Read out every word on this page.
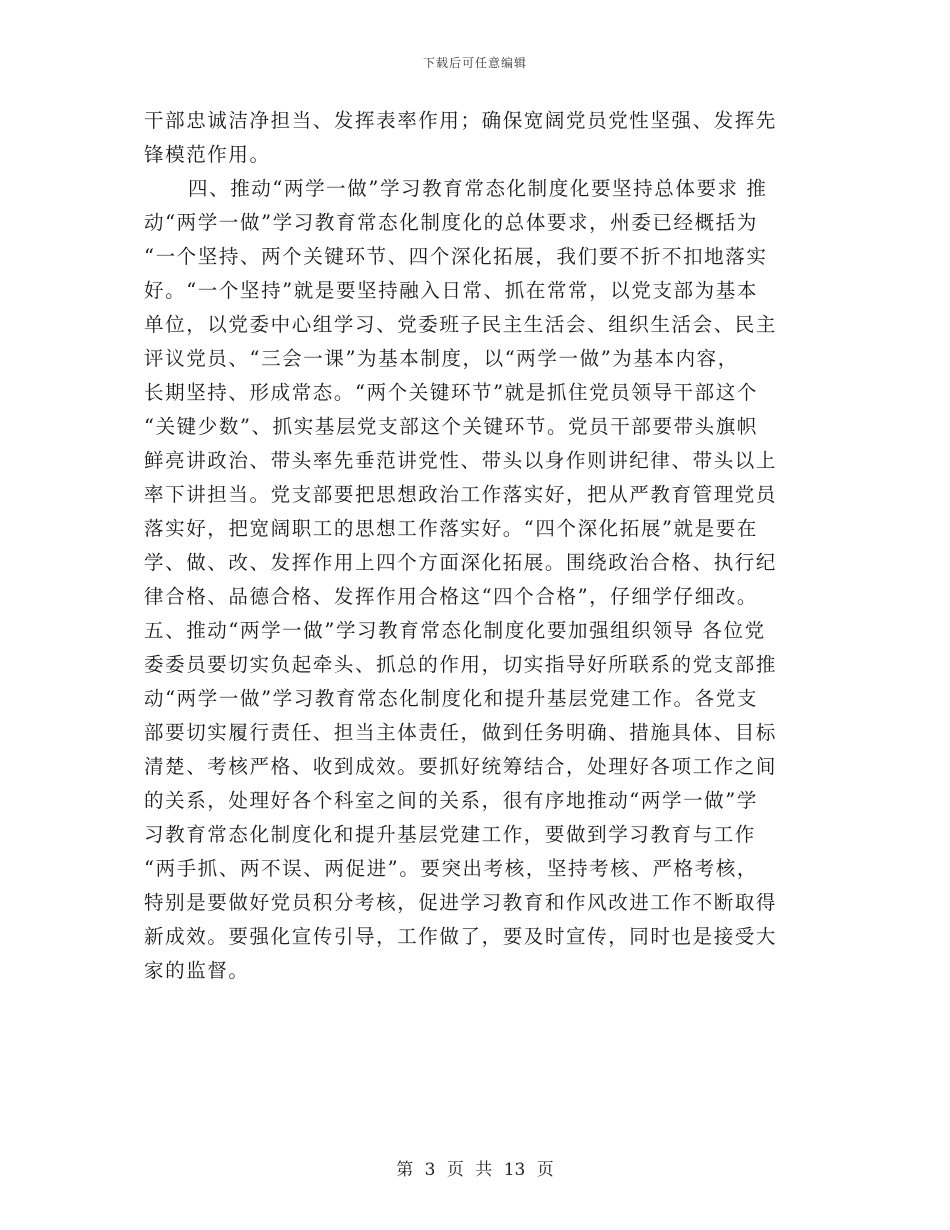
下载后可任意编辑
干部忠诚洁净担当、发挥表率作用；确保宽阔党员党性坚强、发挥先
锋模范作用。
四、推动“两学一做”学习教育常态化制度化要坚持总体要求 推
动“两学一做”学习教育常态化制度化的总体要求，州委已经概括为
“一个坚持、两个关键环节、四个深化拓展，我们要不折不扣地落实
好。“一个坚持”就是要坚持融入日常、抓在常常，以党支部为基本
单位，以党委中心组学习、党委班子民主生活会、组织生活会、民主
评议党员、“三会一课”为基本制度，以“两学一做”为基本内容，
长期坚持、形成常态。“两个关键环节”就是抓住党员领导干部这个
“关键少数”、抓实基层党支部这个关键环节。党员干部要带头旗帜
鲜亮讲政治、带头率先垂范讲党性、带头以身作则讲纪律、带头以上
率下讲担当。党支部要把思想政治工作落实好，把从严教育管理党员
落实好，把宽阔职工的思想工作落实好。“四个深化拓展”就是要在
学、做、改、发挥作用上四个方面深化拓展。围绕政治合格、执行纪
律合格、品德合格、发挥作用合格这“四个合格”，仔细学仔细改。
五、推动“两学一做”学习教育常态化制度化要加强组织领导 各位党
委委员要切实负起牵头、抓总的作用，切实指导好所联系的党支部推
动“两学一做”学习教育常态化制度化和提升基层党建工作。各党支
部要切实履行责任、担当主体责任，做到任务明确、措施具体、目标
清楚、考核严格、收到成效。要抓好统筹结合，处理好各项工作之间
的关系，处理好各个科室之间的关系，很有序地推动“两学一做”学
习教育常态化制度化和提升基层党建工作，要做到学习教育与工作
“两手抓、两不误、两促进”。要突出考核，坚持考核、严格考核，
特别是要做好党员积分考核，促进学习教育和作风改进工作不断取得
新成效。要强化宣传引导，工作做了，要及时宣传，同时也是接受大
家的监督。
第 3 页 共 13 页
